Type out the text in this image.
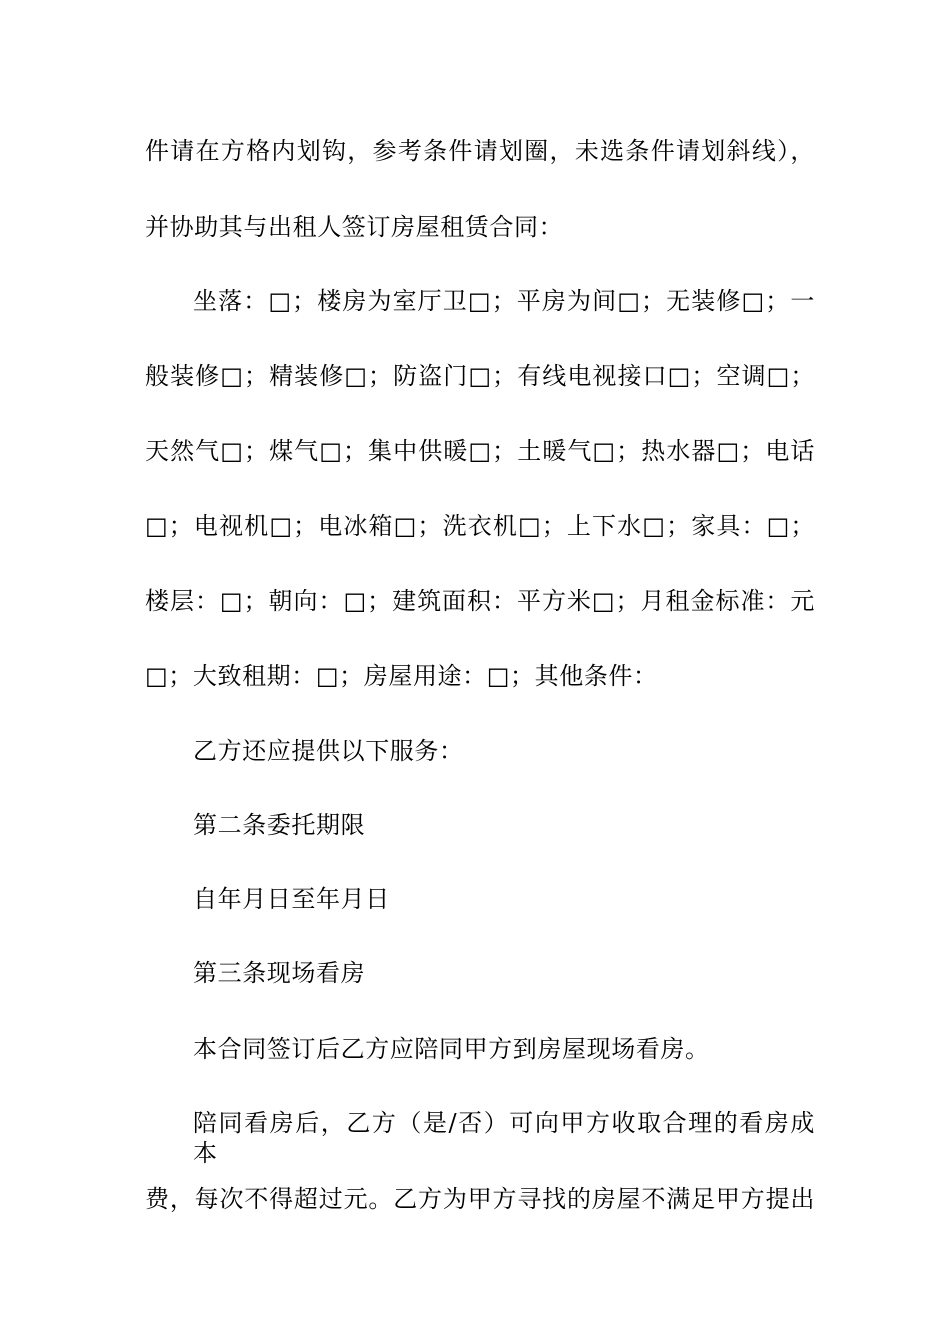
件请在方格内划钩，参考条件请划圈，未选条件请划斜线），
并协助其与出租人签订房屋租赁合同：
坐落：□；楼房为室厅卫□；平房为间□；无装修□；一
般装修□；精装修□；防盗门□；有线电视接口□；空调□；
天然气□；煤气□；集中供暖□；土暖气□；热水器□；电话
□；电视机□；电冰箱□；洗衣机□；上下水□；家具：□；
楼层：□；朝向：□；建筑面积：平方米□；月租金标准：元
□；大致租期：□；房屋用途：□；其他条件：
乙方还应提供以下服务：
第二条委托期限
自年月日至年月日
第三条现场看房
本合同签订后乙方应陪同甲方到房屋现场看房。
陪同看房后，乙方（是/否）可向甲方收取合理的看房成本
费，每次不得超过元。乙方为甲方寻找的房屋不满足甲方提出
